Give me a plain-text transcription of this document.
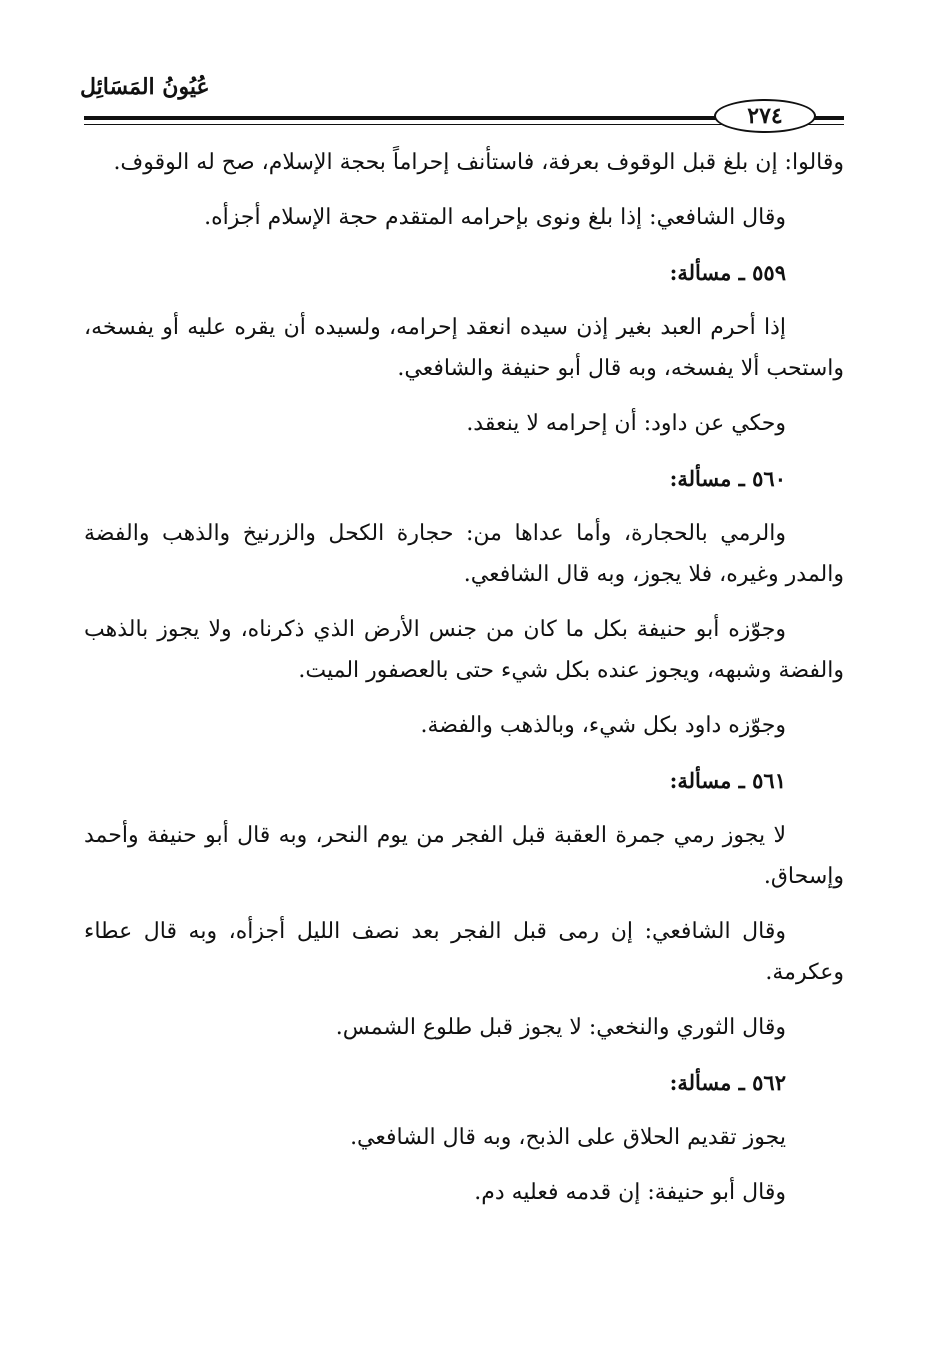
عُيُونُ المَسَائِل
٢٧٤

وقالوا: إن بلغ قبل الوقوف بعرفة، فاستأنف إحراماً بحجة الإسلام، صح له الوقوف.

وقال الشافعي: إذا بلغ ونوى بإحرامه المتقدم حجة الإسلام أجزأه.

٥٥٩ ـ مسألة:

إذا أحرم العبد بغير إذن سيده انعقد إحرامه، ولسيده أن يقره عليه أو يفسخه، واستحب ألا يفسخه، وبه قال أبو حنيفة والشافعي.

وحكي عن داود: أن إحرامه لا ينعقد.

٥٦٠ ـ مسألة:

والرمي بالحجارة، وأما عداها من: حجارة الكحل والزرنيخ والذهب والفضة والمدر وغيره، فلا يجوز، وبه قال الشافعي.

وجوّزه أبو حنيفة بكل ما كان من جنس الأرض الذي ذكرناه، ولا يجوز بالذهب والفضة وشبهه، ويجوز عنده بكل شيء حتى بالعصفور الميت.

وجوّزه داود بكل شيء، وبالذهب والفضة.

٥٦١ ـ مسألة:

لا يجوز رمي جمرة العقبة قبل الفجر من يوم النحر، وبه قال أبو حنيفة وأحمد وإسحاق.

وقال الشافعي: إن رمى قبل الفجر بعد نصف الليل أجزأه، وبه قال عطاء وعكرمة.

وقال الثوري والنخعي: لا يجوز قبل طلوع الشمس.

٥٦٢ ـ مسألة:

يجوز تقديم الحلاق على الذبح، وبه قال الشافعي.

وقال أبو حنيفة: إن قدمه فعليه دم.
